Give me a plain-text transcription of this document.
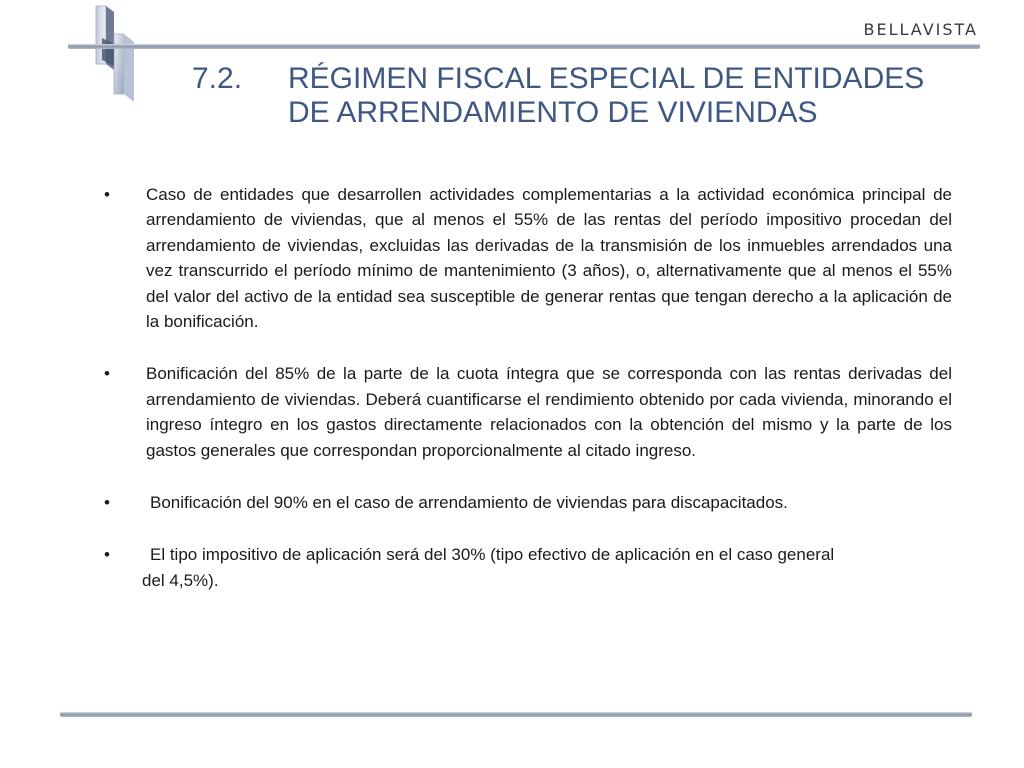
BELLAVISTA
7.2. RÉGIMEN FISCAL ESPECIAL DE ENTIDADES
DE ARRENDAMIENTO DE VIVIENDAS
• Caso de entidades que desarrollen actividades complementarias a la actividad económica principal de arrendamiento de viviendas, que al menos el 55% de las rentas del período impositivo procedan del arrendamiento de viviendas, excluidas las derivadas de la transmisión de los inmuebles arrendados una vez transcurrido el período mínimo de mantenimiento (3 años), o, alternativamente que al menos el 55% del valor del activo de la entidad sea susceptible de generar rentas que tengan derecho a la aplicación de la bonificación.
• Bonificación del 85% de la parte de la cuota íntegra que se corresponda con las rentas derivadas del arrendamiento de viviendas. Deberá cuantificarse el rendimiento obtenido por cada vivienda, minorando el ingreso íntegro en los gastos directamente relacionados con la obtención del mismo y la parte de los gastos generales que correspondan proporcionalmente al citado ingreso.
• Bonificación del 90% en el caso de arrendamiento de viviendas para discapacitados.
• El tipo impositivo de aplicación será del 30% (tipo efectivo de aplicación en el caso general
del 4,5%).
